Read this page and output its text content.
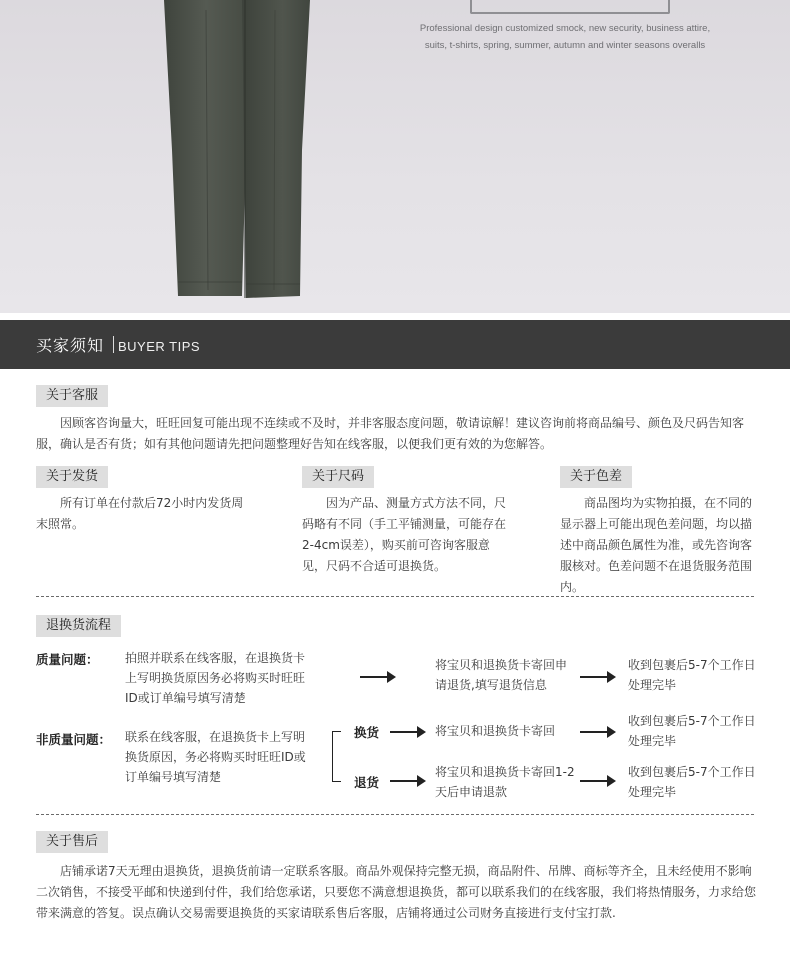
Professional design customized smock, new security, business attire, suits, t-shirts, spring, summer, autumn and winter seasons overalls
买家须知 BUYER TIPS
关于客服
因顾客咨询量大，旺旺回复可能出现不连续或不及时，并非客服态度问题，敬请谅解！建议咨询前将商品编号、颜色及尺码告知客服，确认是否有货；如有其他问题请先把问题整理好告知在线客服，以便我们更有效的为您解答。
关于发货
所有订单在付款后72小时内发货周末照常。
关于尺码
因为产品、测量方式方法不同，尺码略有不同（手工平铺测量，可能存在2-4cm误差），购买前可咨询客服意见，尺码不合适可退换货。
关于色差
商品图均为实物拍摄，在不同的显示器上可能出现色差问题，均以描述中商品颜色属性为准，或先咨询客服核对。色差问题不在退货服务范围内。
退换货流程
质量问题： 拍照并联系在线客服，在退换货卡上写明换货原因务必将购买时旺旺ID或订单编号填写清楚
将宝贝和退换货卡寄回申请退货,填写退货信息
收到包裹后5-7个工作日处理完毕
非质量问题： 联系在线客服，在退换货卡上写明换货原因，务必将购买时旺旺ID或订单编号填写清楚
换货	将宝贝和退换货卡寄回
收到包裹后5-7个工作日处理完毕
退货
将宝贝和退换货卡寄回1-2天后申请退款
收到包裹后5-7个工作日处理完毕
关于售后
店铺承诺7天无理由退换货，退换货前请一定联系客服。商品外观保持完整无损，商品附件、吊牌、商标等齐全，且未经使用不影响二次销售，不接受平邮和快递到付件，我们给您承诺，只要您不满意想退换货，都可以联系我们的在线客服，我们将热情服务，力求给您带来满意的答复。误点确认交易需要退换货的买家请联系售后客服，店铺将通过公司财务直接进行支付宝打款.
